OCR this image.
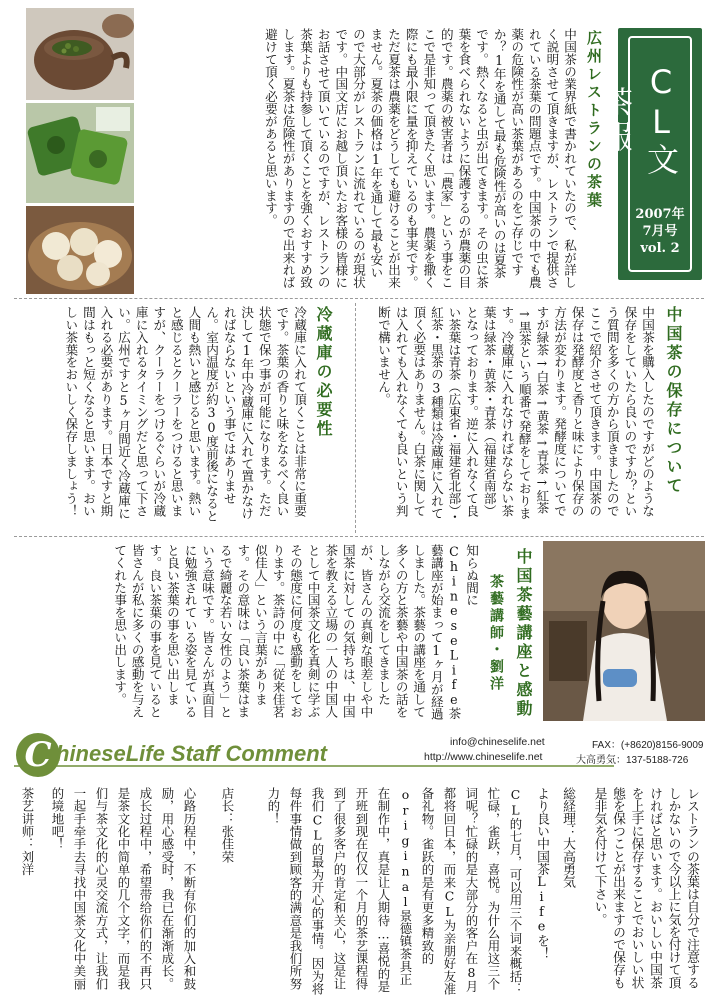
CL文茶報
2007年
7月号
vol. 2
広州レストランの茶葉
中国茶の業界紙で書かれていたので、私が詳しく説明させて頂きますが、レストランで提供されている茶葉の問題点です。中国茶の中でも農薬の危険性が高い茶葉があるのをご存じですか？1年を通して最も危険性が高いのは夏茶です。熱くなると虫が出てきます。その虫に茶葉を食べられないように保護するのが農薬の目的です。農薬の被害者は「農家」という事をここで是非知って頂きたく思います。農薬を撒く際にも最小限に量を抑えているのも事実です。ただ夏茶は農薬をどうしても避けることが出来ません。夏茶の価格は1年を通して最も安いので大部分がレストランに流れているのが現状です。中国文店にお越し頂いたお客様の皆様にお話させて頂いているのですが、レストランの茶葉よりも持参して頂くことを強くおすすめ致します。夏茶は危険性がありますので出来れば避けて頂く必要があると思います。
中国茶の保存について
中国茶を購入したのですがどのような保存をしていたら良いのですか？という質問を多くの方から頂きましたのでここで紹介させて頂きます。中国茶の保存は発酵度と香りと味により保存の方法が変わります。発酵度についてですが緑茶→白茶→黄茶→青茶→紅茶→黒茶という順番で発酵をしております。冷蔵庫に入れなければならない茶葉は緑茶・黄茶・青茶（福建省南部）となっております。逆に入れなくて良い茶葉は青茶（広東省・福建省北部）・紅茶・黒茶の3種類は冷蔵庫に入れて頂く必要はありません。白茶に関しては入れても入れなくても良いという判断で構いません。
冷蔵庫の必要性
冷蔵庫に入れて頂くことは非常に重要です。茶葉の香りと味をなるべく良い状態で保つ事が可能になります。ただ決して1年中冷蔵庫に入れて置かなければならないという事ではありません。室内温度が約30度前後になると人間も熱いと感じると思います。熱いと感じるとクーラーをつけると思いますが、クーラーをつけるぐらいが冷蔵庫に入れるタイミングだと思って下さい。広州ですと5ヶ月間近く冷蔵庫に入れる必要があります。日本ですと期間はもっと短くなると思います。おいしい茶葉をおいしく保存しましょう！
中国茶藝講座と感動
茶藝講師・劉洋
知らぬ間にChineseLife茶藝講座が始まって1ヶ月が経過しました。茶藝の講座を通して多くの方と茶藝や中国茶の話をしながら交流をしてきましたが、皆さんの真剣な眼差しや中国茶に対しての気持ちは、中国茶を教える立場の一人の中国人として中国茶文化を真剣に学ぶその態度に何度も感動をしております。茶詩の中に「従来佳茗似佳人」という言葉があります。その意味は「良い茶葉はまるで綺麗な若い女性のよう」という意味です。皆さんが真面目に勉強されている姿を見ていると良い茶葉の事を思い出します。良い茶葉の事を見ていると皆さんが私に多くの感動を与えてくれた事を思い出します。
C hineseLife Staff Comment	info@chineselife.net
http://www.chineselife.net
FAX：(+8620)8156-9009
大高勇気：137-5188-726
レストランの茶葉は自分で注意するしかないので今以上に気を付けて頂ければと思います。おいしい中国茶を上手に保存することでおいしい状態を保つことが出来ますので保存も是非気を付けて下さい。
総経理：大高勇気
より良い中国茶Lifeを！
CL的七月，可以用三个词来概括：忙碌，雀跃，喜悦。为什么用这三个词呢？忙碌的是大部分的客户在8月都将回日本，而来CL为亲朋好友准备礼物。雀跃的是有更多精致的original景德镇茶具正在制作中，真是让人期待…喜悦的是开班到现在仅仅一个月的茶艺课程得到了很多客户的肯定和关心，这是让我们CL的最为开心的事情。因为将每件事情做到顾客的满意是我们所努力的！
店长：张佳荣
心路历程中，不断有你们的加入和鼓励，用心感受时，我已在渐渐成长。成长过程中，希望带给你们的不再只是茶文化中简单的几个文字，而是我们与茶文化的心灵交流方式，让我们一起手牵手去寻找中国茶文化中美丽的境地吧！
茶艺讲师：刘洋
